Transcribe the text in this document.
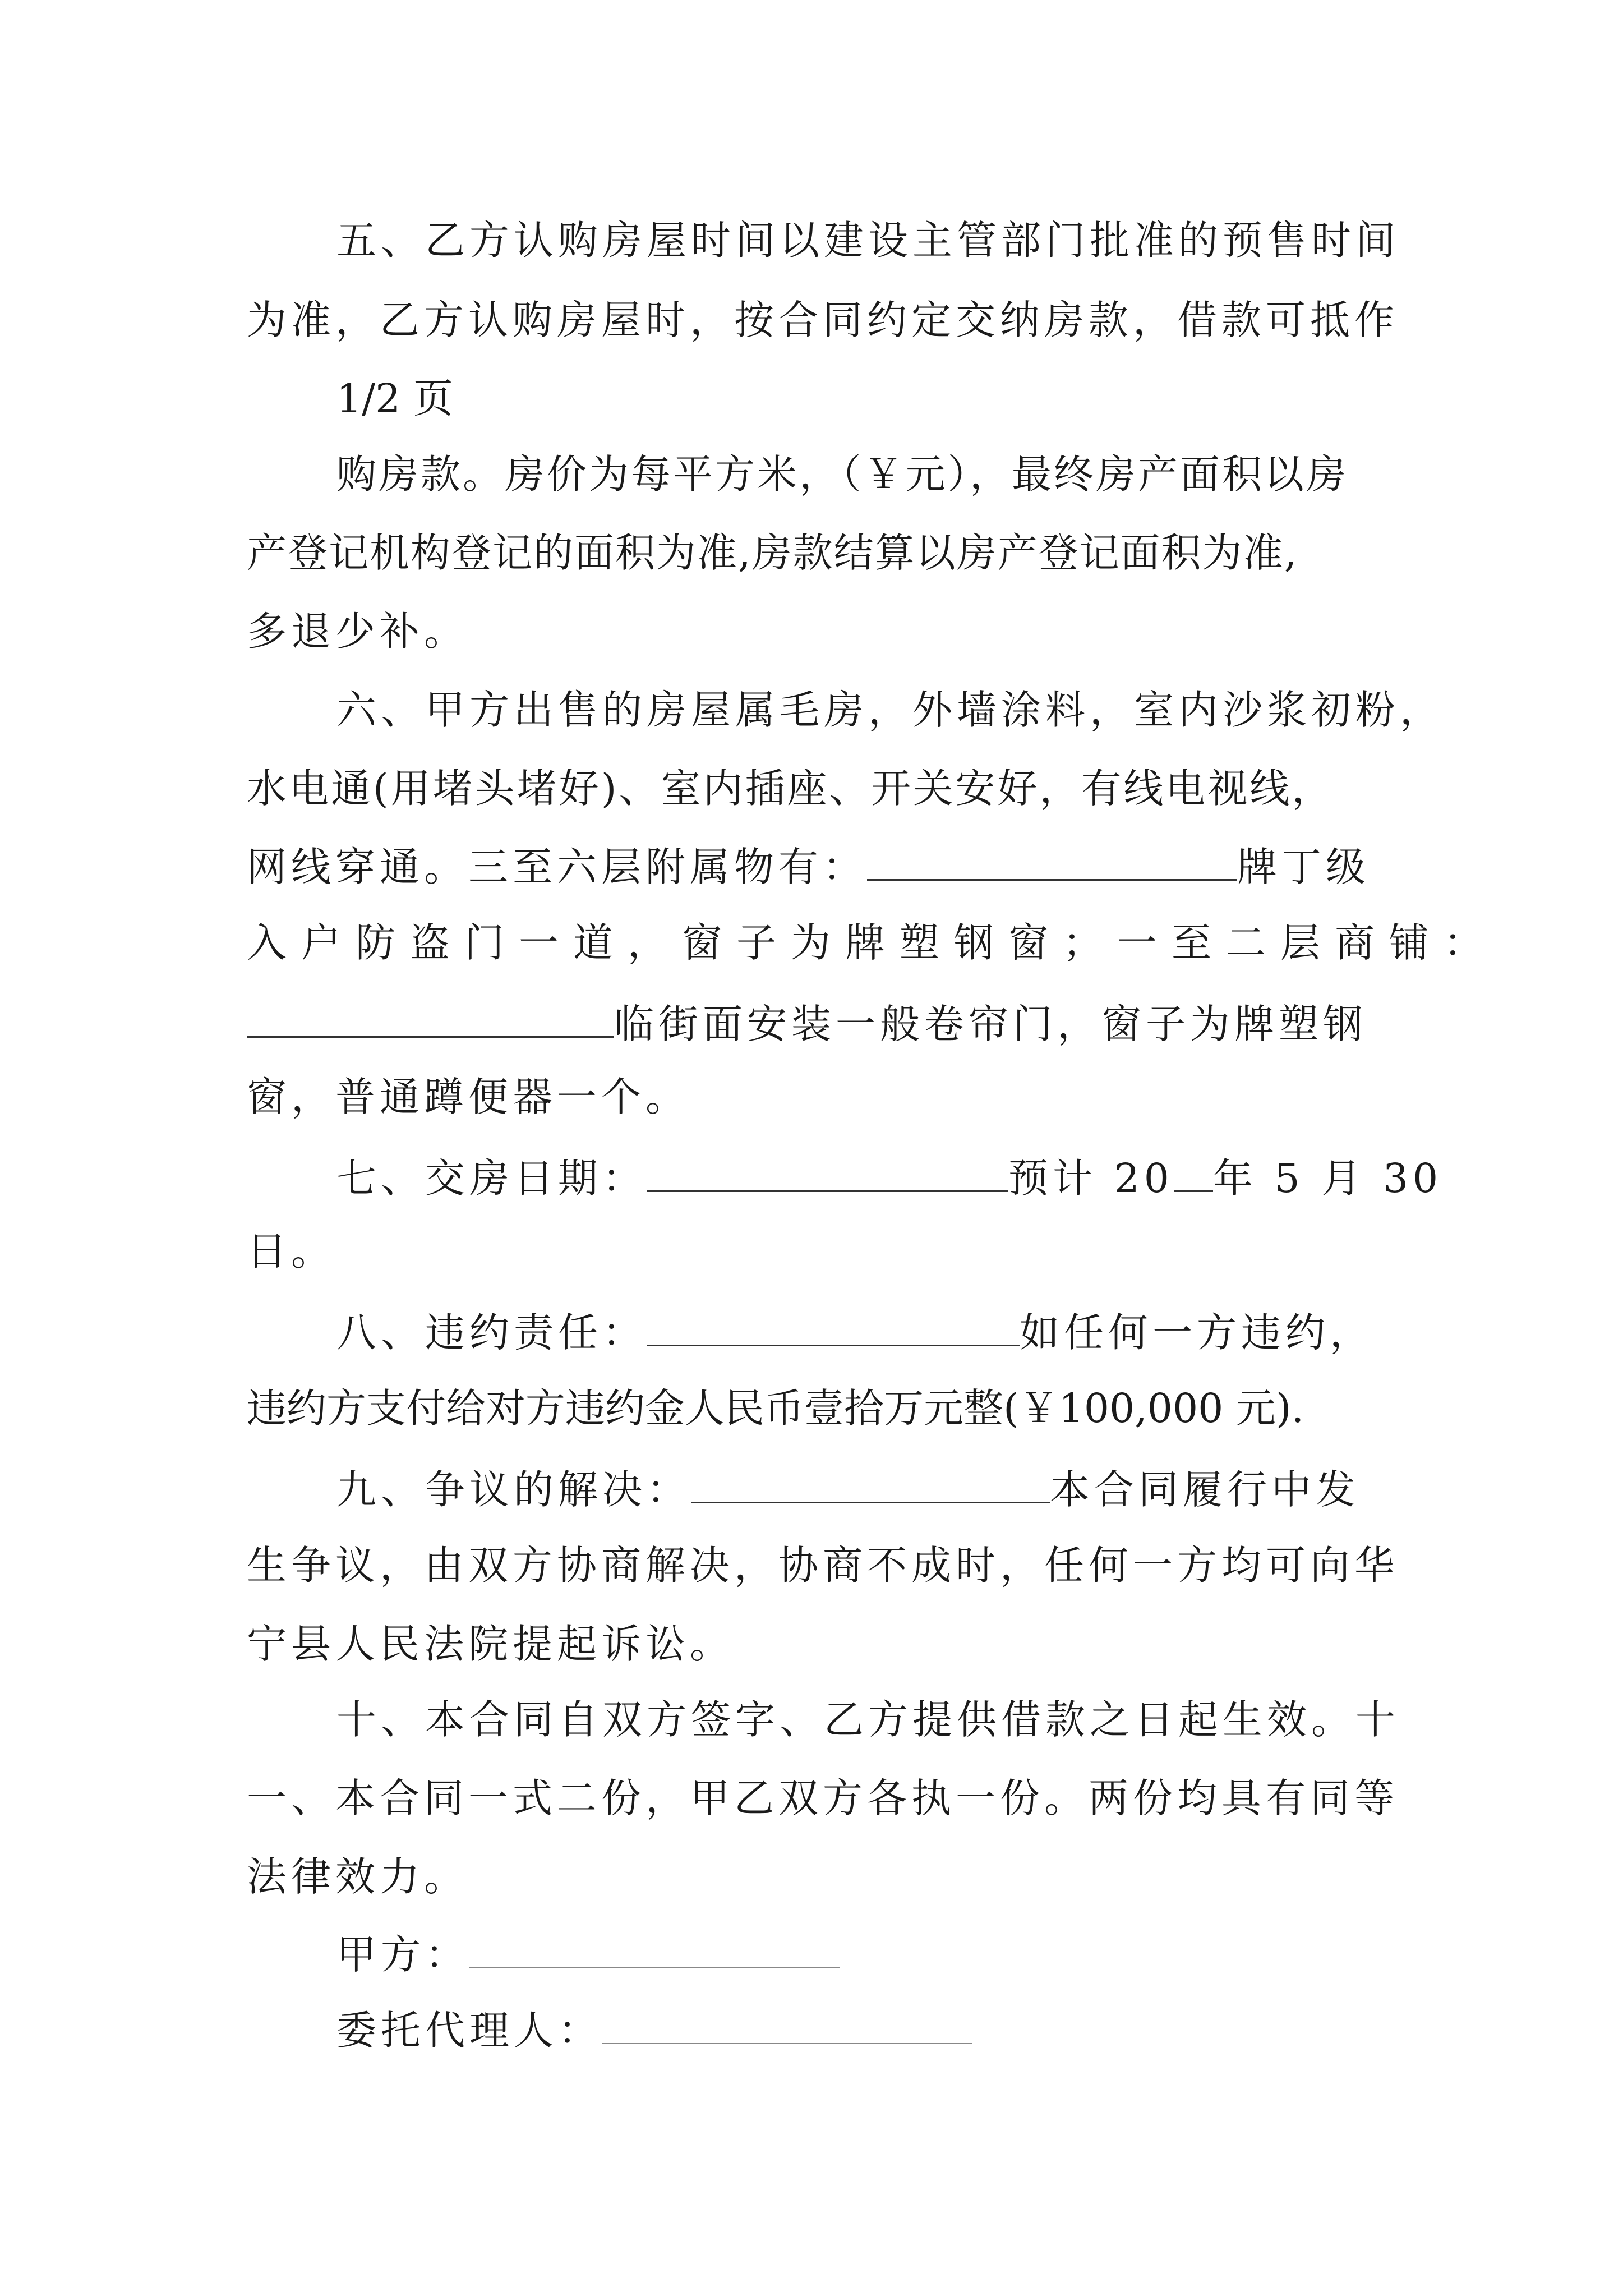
五、乙方认购房屋时间以建设主管部门批准的预售时间
为准，乙方认购房屋时，按合同约定交纳房款，借款可抵作
1/2 页
购房款。房价为每平方米，（￥元），最终房产面积以房
产登记机构登记的面积为准,房款结算以房产登记面积为准,
多退少补。
六、甲方出售的房屋属毛房，外墙涂料，室内沙浆初粉，
水电通(用堵头堵好)、室内插座、开关安好，有线电视线，
网线穿通。三至六层附属物有：	牌丁级
入户防盗门一道，窗子为牌塑钢窗；一至二层商铺：
临街面安装一般卷帘门，窗子为牌塑钢
窗，普通蹲便器一个。
七、交房日期：	预计 20 年 5 月 30
日。
八、违约责任：	如任何一方违约，
违约方支付给对方违约金人民币壹拾万元整(￥100,000 元).
九、争议的解决：	本合同履行中发
生争议，由双方协商解决，协商不成时，任何一方均可向华
宁县人民法院提起诉讼。
十、本合同自双方签字、乙方提供借款之日起生效。十
一、本合同一式二份，甲乙双方各执一份。两份均具有同等
法律效力。
甲方：
委托代理人：
